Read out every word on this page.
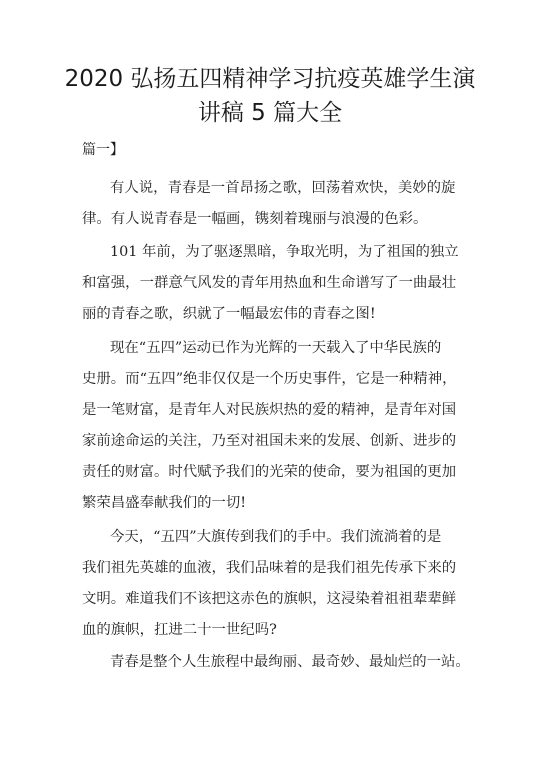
2020 弘扬五四精神学习抗疫英雄学生演
讲稿 5 篇大全
篇一】
有人说，青春是一首昂扬之歌，回荡着欢快，美妙的旋
律。有人说青春是一幅画，镌刻着瑰丽与浪漫的色彩。
101 年前，为了驱逐黑暗，争取光明，为了祖国的独立
和富强，一群意气风发的青年用热血和生命谱写了一曲最壮
丽的青春之歌，织就了一幅最宏伟的青春之图!
现在“五四”运动已作为光辉的一天载入了中华民族的
史册。而“五四”绝非仅仅是一个历史事件，它是一种精神，
是一笔财富，是青年人对民族炽热的爱的精神，是青年对国
家前途命运的关注，乃至对祖国未来的发展、创新、进步的
责任的财富。时代赋予我们的光荣的使命，要为祖国的更加
繁荣昌盛奉献我们的一切!
今天，“五四”大旗传到我们的手中。我们流淌着的是
我们祖先英雄的血液，我们品味着的是我们祖先传承下来的
文明。难道我们不该把这赤色的旗帜，这浸染着祖祖辈辈鲜
血的旗帜，扛进二十一世纪吗?
青春是整个人生旅程中最绚丽、最奇妙、最灿烂的一站。
